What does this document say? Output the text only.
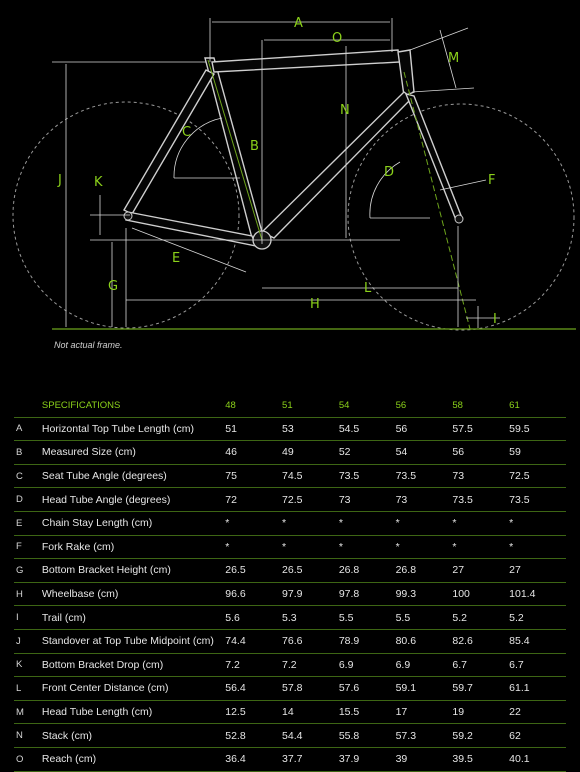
A
O
M
N
C
B
J K
D
F
E
G	L
H
I
Not actual frame.
	SPECIFICATIONS	48	51	54	56	58	61
A	Horizontal Top Tube Length (cm)	51	53	54.5	56	57.5	59.5
B	Measured Size (cm)	46	49	52	54	56	59
C	Seat Tube Angle (degrees)	75	74.5	73.5	73.5	73	72.5
D	Head Tube Angle (degrees)	72	72.5	73	73	73.5	73.5
E	Chain Stay Length (cm)	*	*	*	*	*	*
F	Fork Rake (cm)	*	*	*	*	*	*
G	Bottom Bracket Height (cm)	26.5	26.5	26.8	26.8	27	27
H	Wheelbase (cm)	96.6	97.9	97.8	99.3	100	101.4
I	Trail (cm)	5.6	5.3	5.5	5.5	5.2	5.2
J	Standover at Top Tube Midpoint (cm)	74.4	76.6	78.9	80.6	82.6	85.4
K	Bottom Bracket Drop (cm)	7.2	7.2	6.9	6.9	6.7	6.7
L	Front Center Distance (cm)	56.4	57.8	57.6	59.1	59.7	61.1
M	Head Tube Length (cm)	12.5	14	15.5	17	19	22
N	Stack (cm)	52.8	54.4	55.8	57.3	59.2	62
O	Reach (cm)	36.4	37.7	37.9	39	39.5	40.1
